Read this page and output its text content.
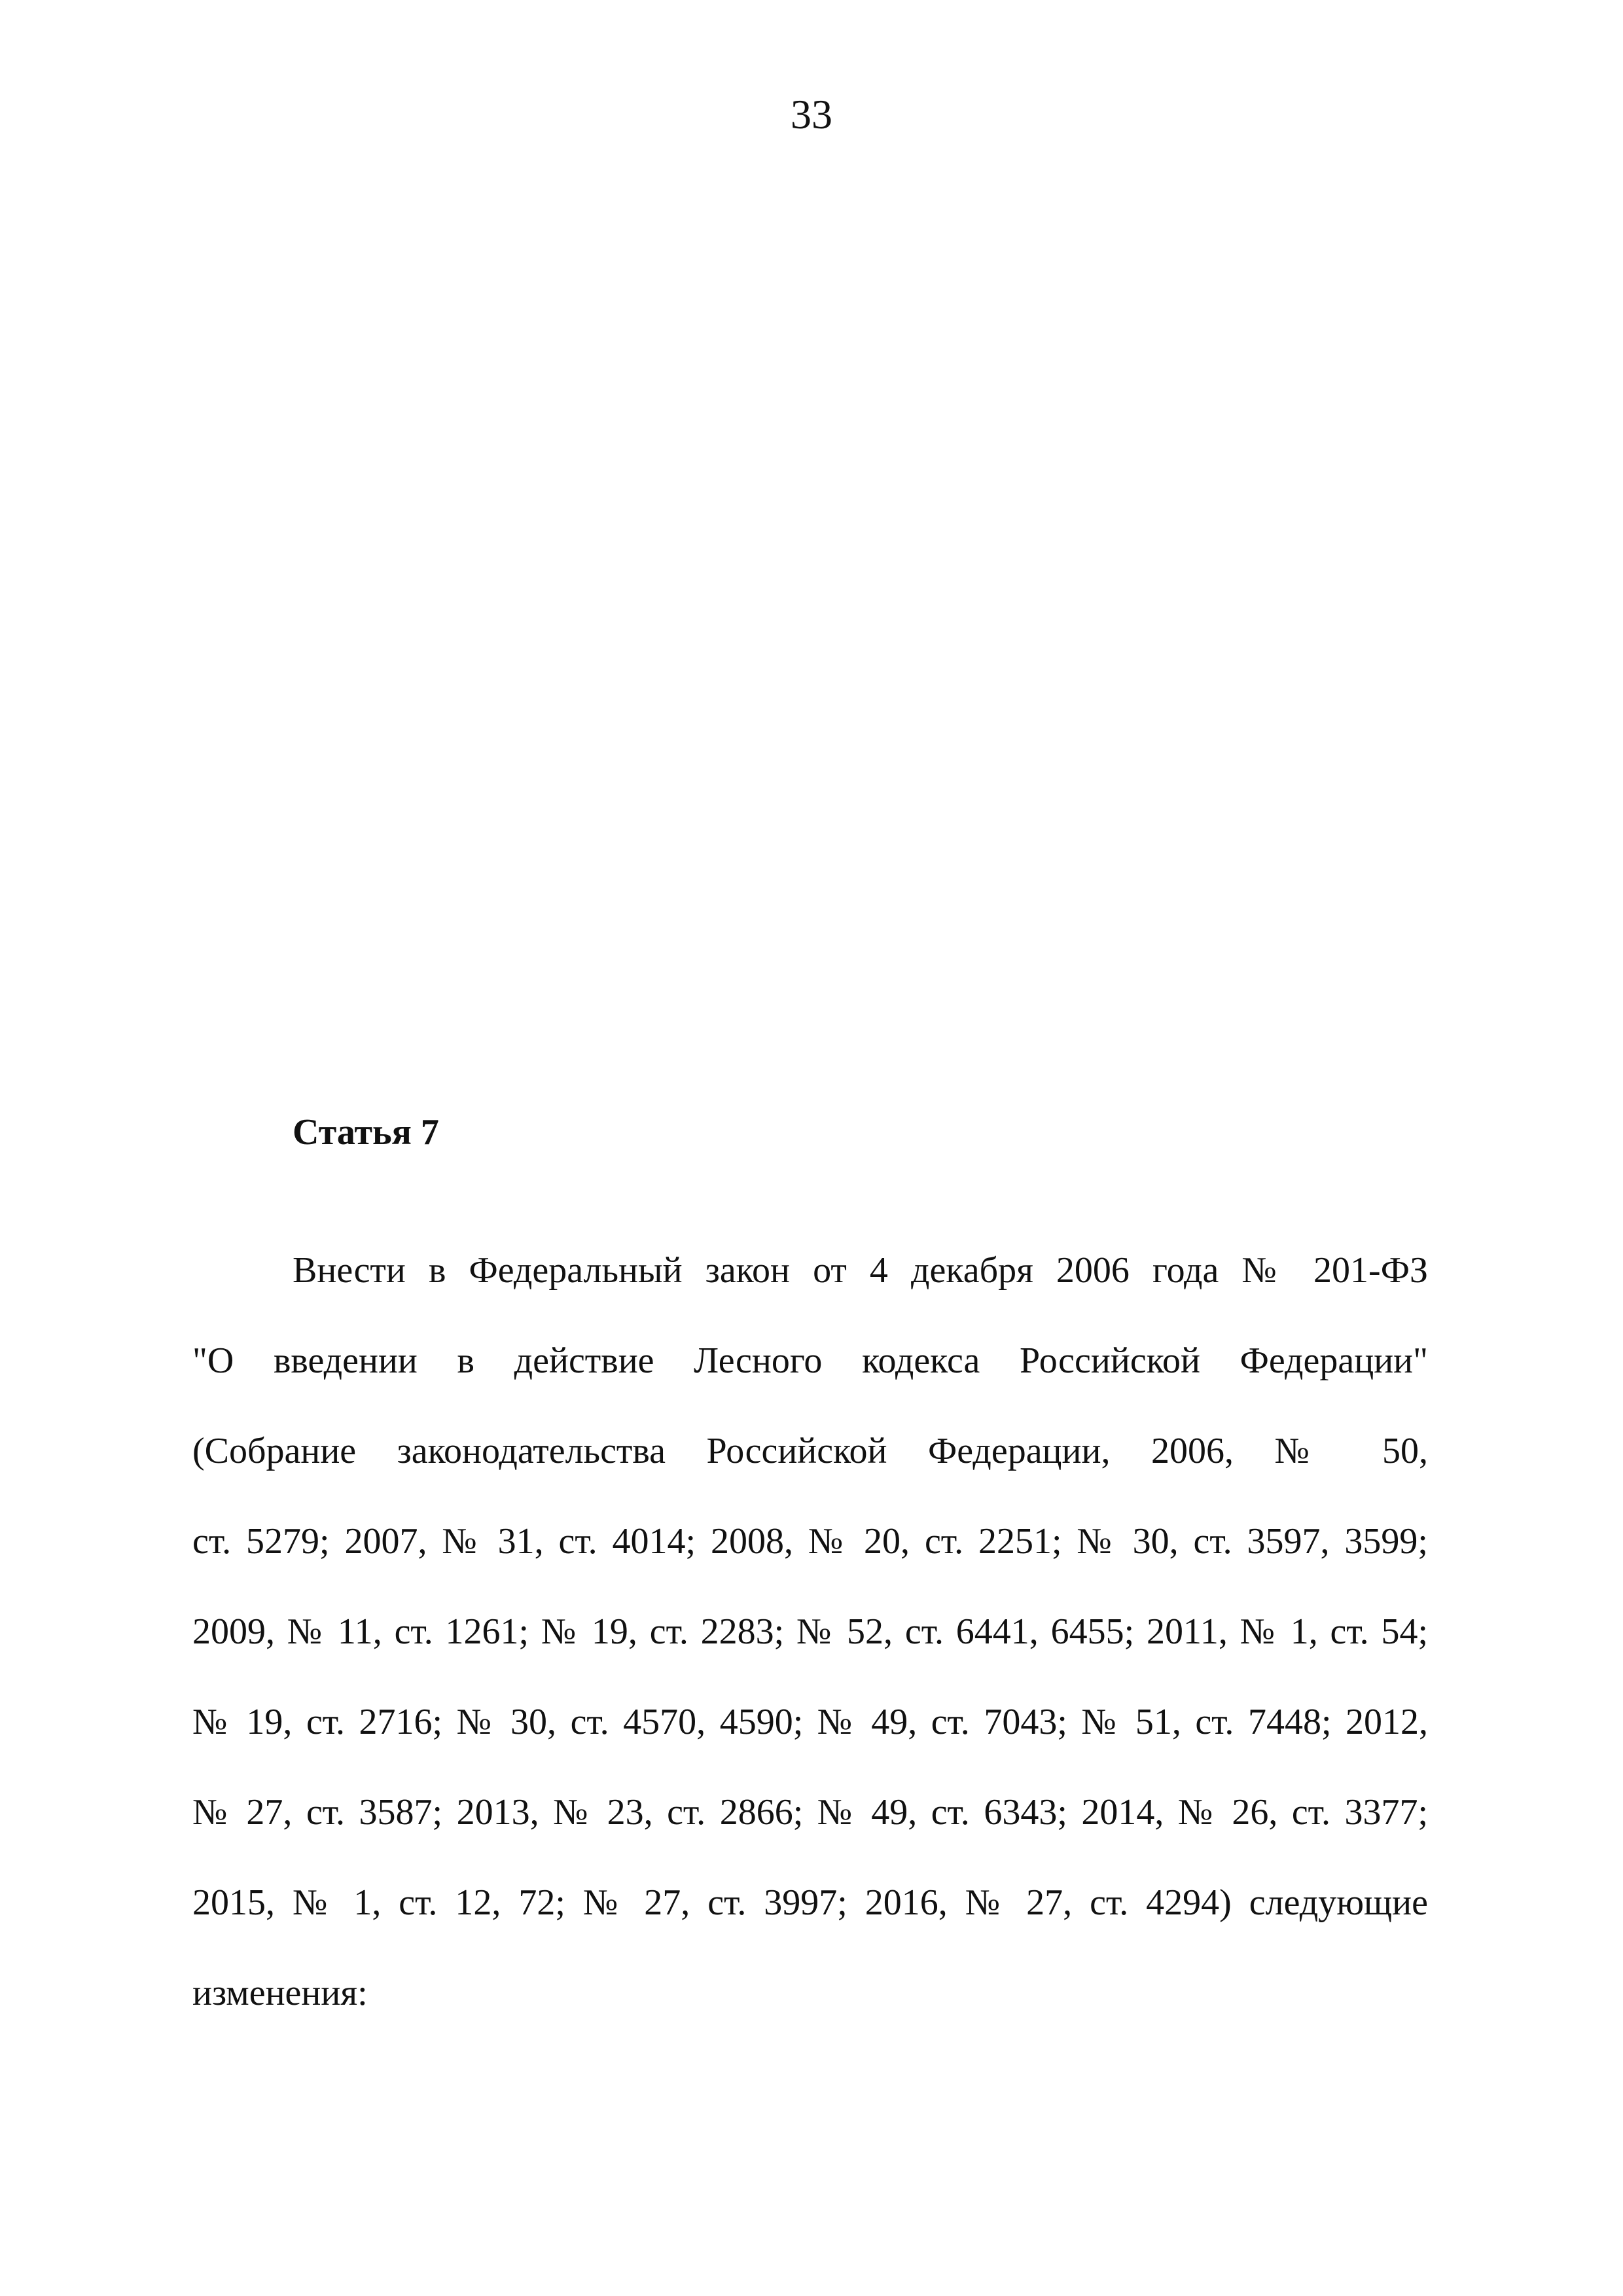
33
Статья 7
Внести в Федеральный закон от 4 декабря 2006 года № 201-ФЗ
"О введении в действие Лесного кодекса Российской Федерации"
(Собрание законодательства Российской Федерации, 2006, № 50,
ст. 5279; 2007, № 31, ст. 4014; 2008, № 20, ст. 2251; № 30, ст. 3597, 3599;
2009, № 11, ст. 1261; № 19, ст. 2283; № 52, ст. 6441, 6455; 2011, № 1, ст. 54;
№ 19, ст. 2716; № 30, ст. 4570, 4590; № 49, ст. 7043; № 51, ст. 7448; 2012,
№ 27, ст. 3587; 2013, № 23, ст. 2866; № 49, ст. 6343; 2014, № 26, ст. 3377;
2015, № 1, ст. 12, 72; № 27, ст. 3997; 2016, № 27, ст. 4294) следующие
изменения:
